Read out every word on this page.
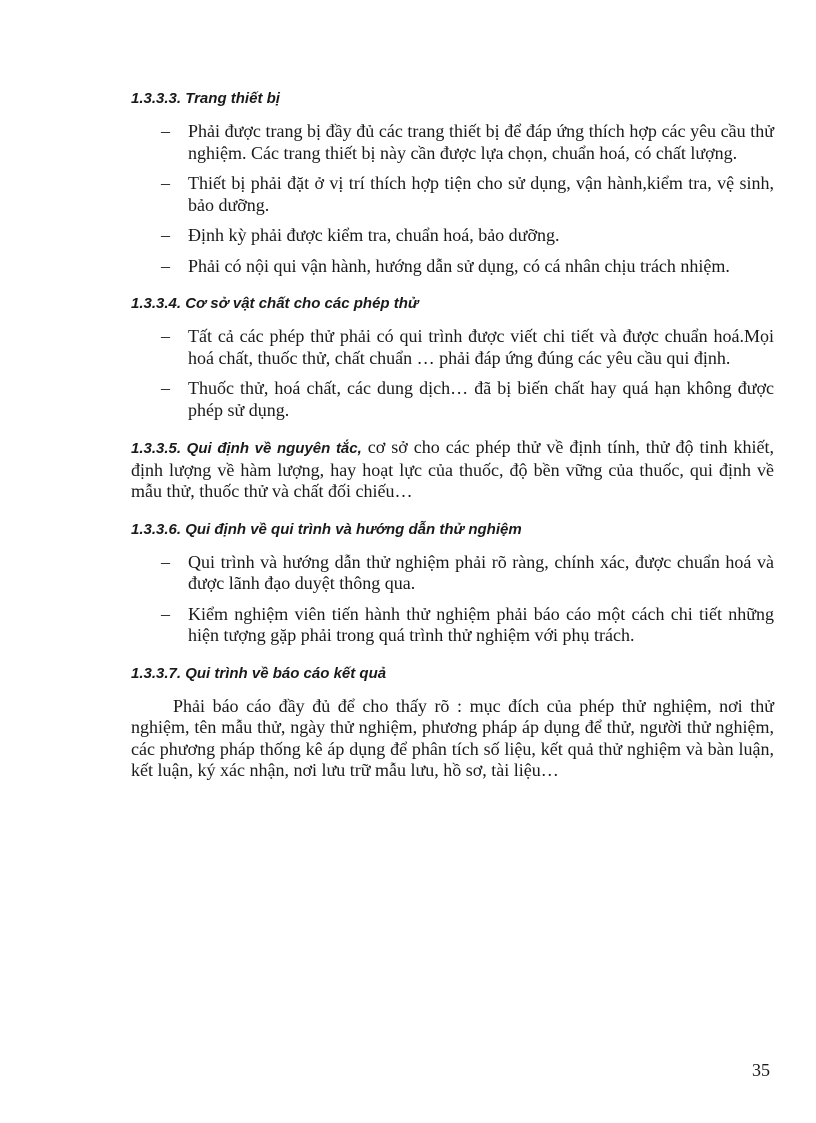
1.3.3.3. Trang thiết bị
– Phải được trang bị đầy đủ các trang thiết bị để đáp ứng thích hợp các yêu cầu thử nghiệm. Các trang thiết bị này cần được lựa chọn, chuẩn hoá, có chất lượng.

– Thiết bị phải đặt ở vị trí thích hợp tiện cho sử dụng, vận hành,kiểm tra, vệ sinh, bảo dưỡng.

– Định kỳ phải được kiểm tra, chuẩn hoá, bảo dưỡng.

– Phải có nội qui vận hành, hướng dẫn sử dụng, có cá nhân chịu trách nhiệm.

1.3.3.4. Cơ sở vật chất cho các phép thử
– Tất cả các phép thử phải có qui trình được viết chi tiết và được chuẩn hoá.Mọi hoá chất, thuốc thử, chất chuẩn … phải đáp ứng đúng các yêu cầu qui định.

– Thuốc thử, hoá chất, các dung dịch… đã bị biến chất hay quá hạn không được phép sử dụng.

1.3.3.5. Qui định về nguyên tắc, cơ sở cho các phép thử về định tính, thử độ tinh khiết, định lượng về hàm lượng, hay hoạt lực của thuốc, độ bền vững của thuốc, qui định về mẫu thử, thuốc thử và chất đối chiếu…

1.3.3.6. Qui định về qui trình và hướng dẫn thử nghiệm
– Qui trình và hướng dẫn thử nghiệm phải rõ ràng, chính xác, được chuẩn hoá và được lãnh đạo duyệt thông qua.

– Kiểm nghiệm viên tiến hành thử nghiệm phải báo cáo một cách chi tiết những hiện tượng gặp phải trong quá trình thử nghiệm với phụ trách.

1.3.3.7. Qui trình về báo cáo kết quả

Phải báo cáo đầy đủ để cho thấy rõ : mục đích của phép thử nghiệm, nơi thử nghiệm, tên mẫu thử, ngày thử nghiệm, phương pháp áp dụng để thử, người thử nghiệm, các phương pháp thống kê áp dụng để phân tích số liệu, kết quả thử nghiệm và bàn luận, kết luận, ký xác nhận, nơi lưu trữ mẫu lưu, hồ sơ, tài liệu…

35
